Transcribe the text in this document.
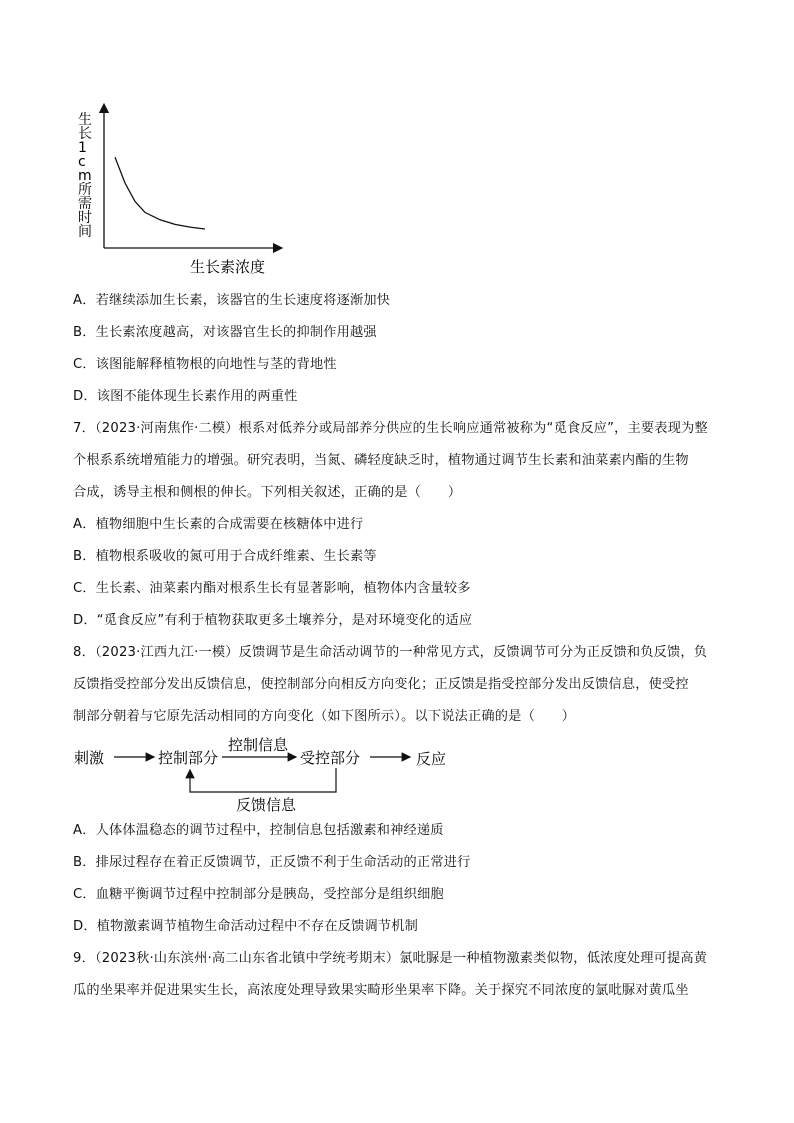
生长 1 c m 所需时间
生长素浓度
A．若继续添加生长素，该器官的生长速度将逐渐加快
B．生长素浓度越高，对该器官生长的抑制作用越强
C．该图能解释植物根的向地性与茎的背地性
D．该图不能体现生长素作用的两重性
7．（2023·河南焦作·二模）根系对低养分或局部养分供应的生长响应通常被称为“觅食反应”，主要表现为整
个根系系统增殖能力的增强。研究表明，当氮、磷轻度缺乏时，植物通过调节生长素和油菜素内酯的生物
合成，诱导主根和侧根的伸长。下列相关叙述，正确的是（　　）
A．植物细胞中生长素的合成需要在核糖体中进行
B．植物根系吸收的氮可用于合成纤维素、生长素等
C．生长素、油菜素内酯对根系生长有显著影响，植物体内含量较多
D．“觅食反应”有利于植物获取更多土壤养分，是对环境变化的适应
8．（2023·江西九江·一模）反馈调节是生命活动调节的一种常见方式，反馈调节可分为正反馈和负反馈，负
反馈指受控部分发出反馈信息，使控制部分向相反方向变化；正反馈是指受控部分发出反馈信息，使受控
制部分朝着与它原先活动相同的方向变化（如下图所示）。以下说法正确的是（　　）
刺激	控制部分
控制信息
受控部分	反应
反馈信息
A．人体体温稳态的调节过程中，控制信息包括激素和神经递质
B．排尿过程存在着正反馈调节，正反馈不利于生命活动的正常进行
C．血糖平衡调节过程中控制部分是胰岛，受控部分是组织细胞
D．植物激素调节植物生命活动过程中不存在反馈调节机制
9．（2023秋·山东滨州·高二山东省北镇中学统考期末）氯吡脲是一种植物激素类似物，低浓度处理可提高黄
瓜的坐果率并促进果实生长，高浓度处理导致果实畸形坐果率下降。关于探究不同浓度的氯吡脲对黄瓜坐
